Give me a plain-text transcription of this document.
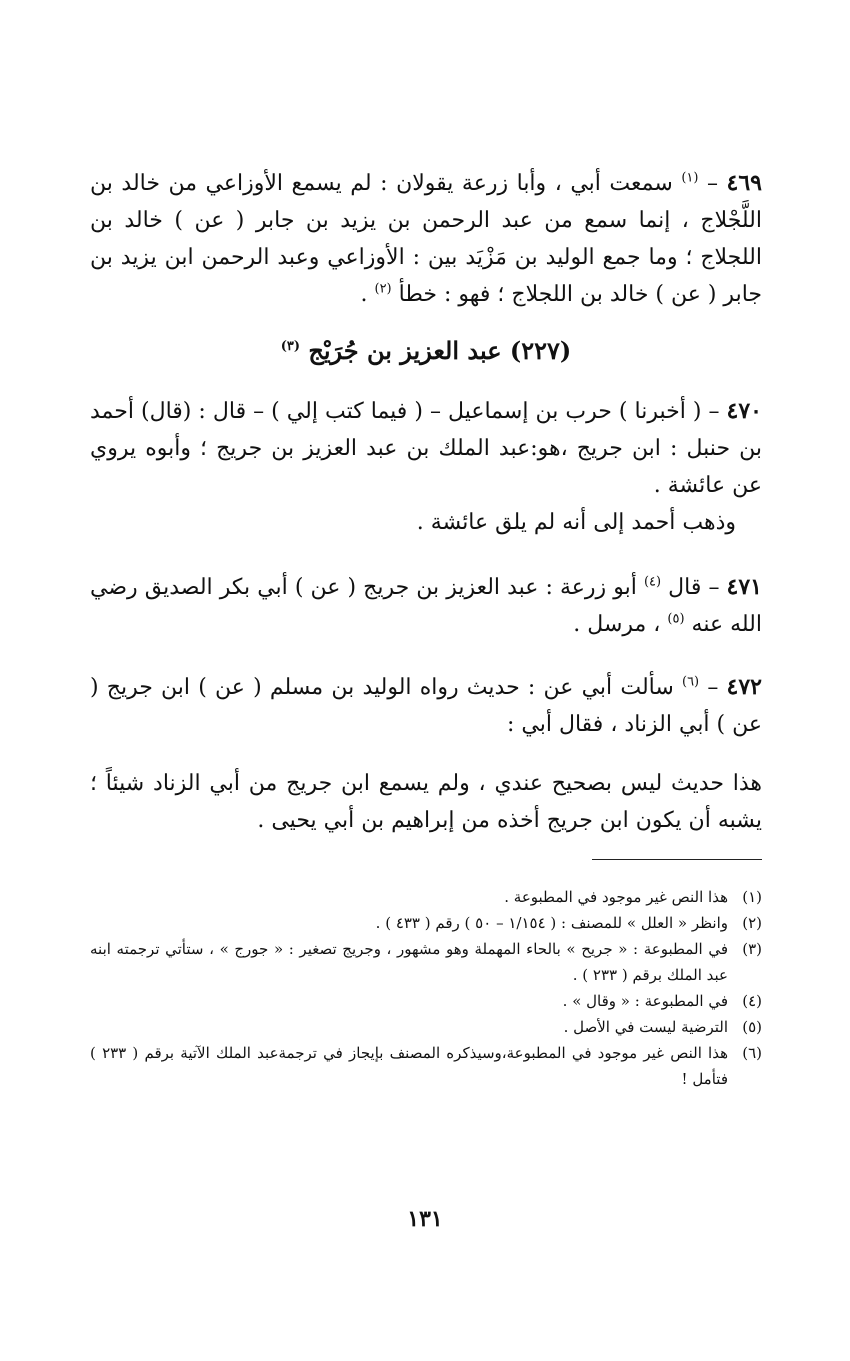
٤٦٩ – $^{(١)}$ سمعت أبي ، وأبا زرعة يقولان : لم يسمع الأوزاعي من خالد بن اللَّجْلاج ، إنما سمع من عبد الرحمن بن يزيد بن جابر ( عن ) خالد بن اللجلاج ؛ وما جمع الوليد بن مَزْيَد بين : الأوزاعي وعبد الرحمن ابن يزيد بن جابر ( عن ) خالد بن اللجلاج ؛ فهو : خطأ $^{(٢)}$ .

(٢٢٧) عبد العزيز بن جُرَيْج $^{(٣)}$

٤٧٠ – ( أخبرنا ) حرب بن إسماعيل – ( فيما كتب إلي ) – قال : (قال) أحمد بن حنبل : ابن جريج ،هو:عبد الملك بن عبد العزيز بن جريج ؛ وأبوه يروي عن عائشة .

وذهب أحمد إلى أنه لم يلق عائشة .

٤٧١ – قال $^{(٤)}$ أبو زرعة : عبد العزيز بن جريج ( عن ) أبي بكر الصديق رضي الله عنه $^{(٥)}$ ، مرسل .

٤٧٢ – $^{(٦)}$ سألت أبي عن : حديث رواه الوليد بن مسلم ( عن ) ابن جريج ( عن ) أبي الزناد ، فقال أبي :

هذا حديث ليس بصحيح عندي ، ولم يسمع ابن جريج من أبي الزناد شيئاً ؛ يشبه أن يكون ابن جريج أخذه من إبراهيم بن أبي يحيى .

(١)
هذا النص غير موجود في المطبوعة .
(٢)
وانظر « العلل » للمصنف : ( ١/١٥٤ – ٥٠ ) رقم ( ٤٣٣ ) .
(٣)
في المطبوعة : « جريح » بالحاء المهملة وهو مشهور ، وجريج تصغير : « جورج » ، ستأتي ترجمته ابنه عبد الملك برقم ( ٢٣٣ ) .
(٤)
في المطبوعة : « وقال » .
(٥)
الترضية ليست في الأصل .
(٦)
هذا النص غير موجود في المطبوعة،وسيذكره المصنف بإيجاز في ترجمةعبد الملك الآتية برقم ( ٢٣٣ ) فتأمل !
١٣١
